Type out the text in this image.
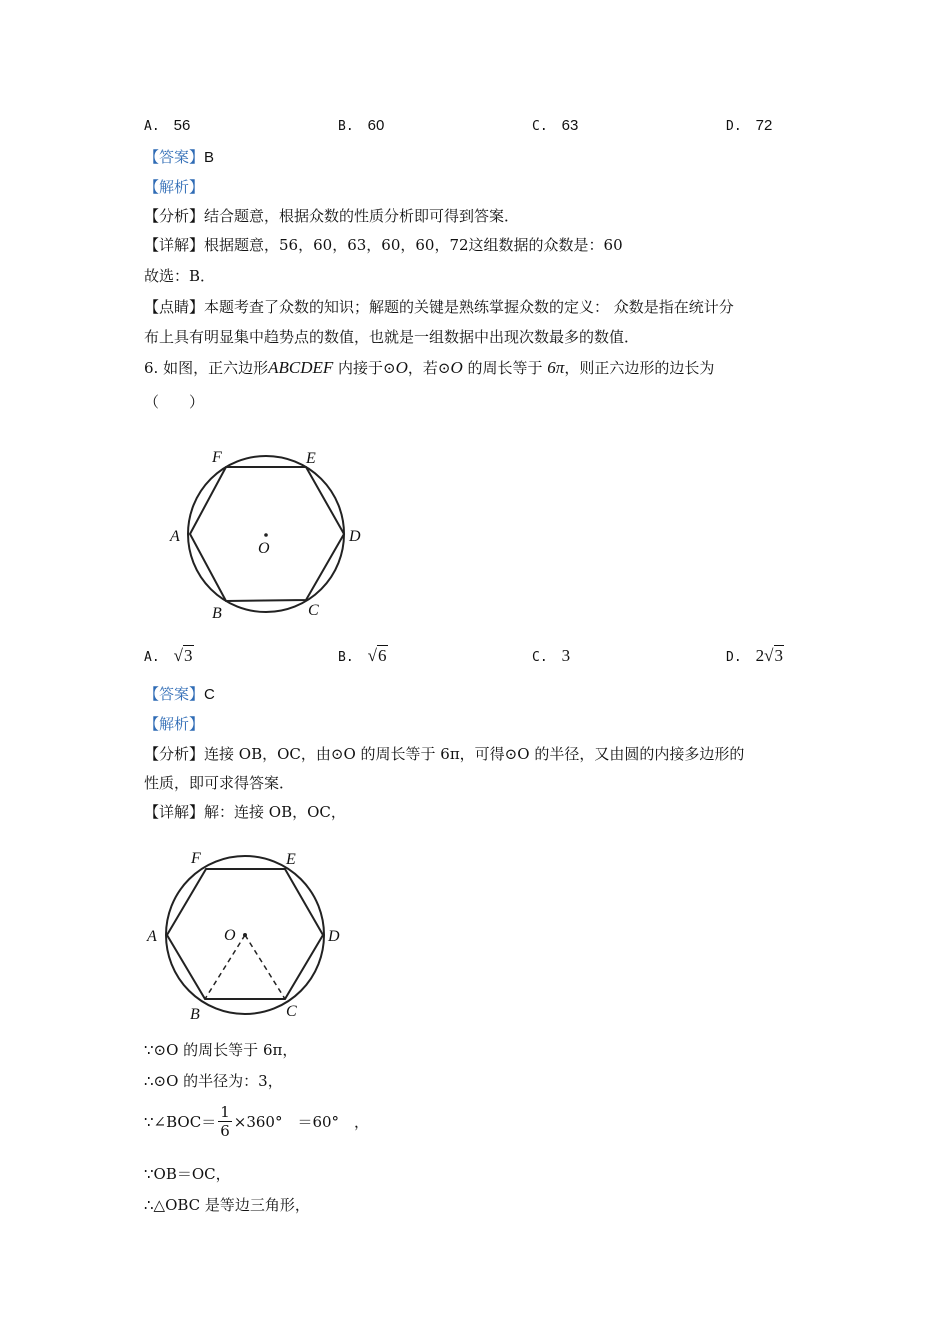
A. 56	B. 60	C. 63	D. 72
【答案】B
【解析】
【分析】结合题意，根据众数的性质分析即可得到答案．
【详解】根据题意，56，60，63，60，60，72这组数据的众数是：60
故选：B．
【点睛】本题考查了众数的知识；解题的关键是熟练掌握众数的定义： 众数是指在统计分
布上具有明显集中趋势点的数值，也就是一组数据中出现次数最多的数值．
6. 如图，正六边形ABCDEF 内接于⊙O，若⊙O 的周长等于 6π，则正六边形的边长为
（　　）
F	E
A	D
O
B	C
A. √3	B. √6	C. 3	D. 2√3
【答案】C
【解析】
【分析】连接 OB，OC，由⊙O 的周长等于 6π，可得⊙O 的半径，又由圆的内接多边形的
性质，即可求得答案．
【详解】解：连接 OB，OC，
F	E
A	D
O
B	C
∵⊙O 的周长等于 6π，
∴⊙O 的半径为：3，
∵∠BOC＝ $\frac{1}{6} \times 360^\circ$　＝60°　，
∵OB＝OC，
∴△OBC 是等边三角形，
